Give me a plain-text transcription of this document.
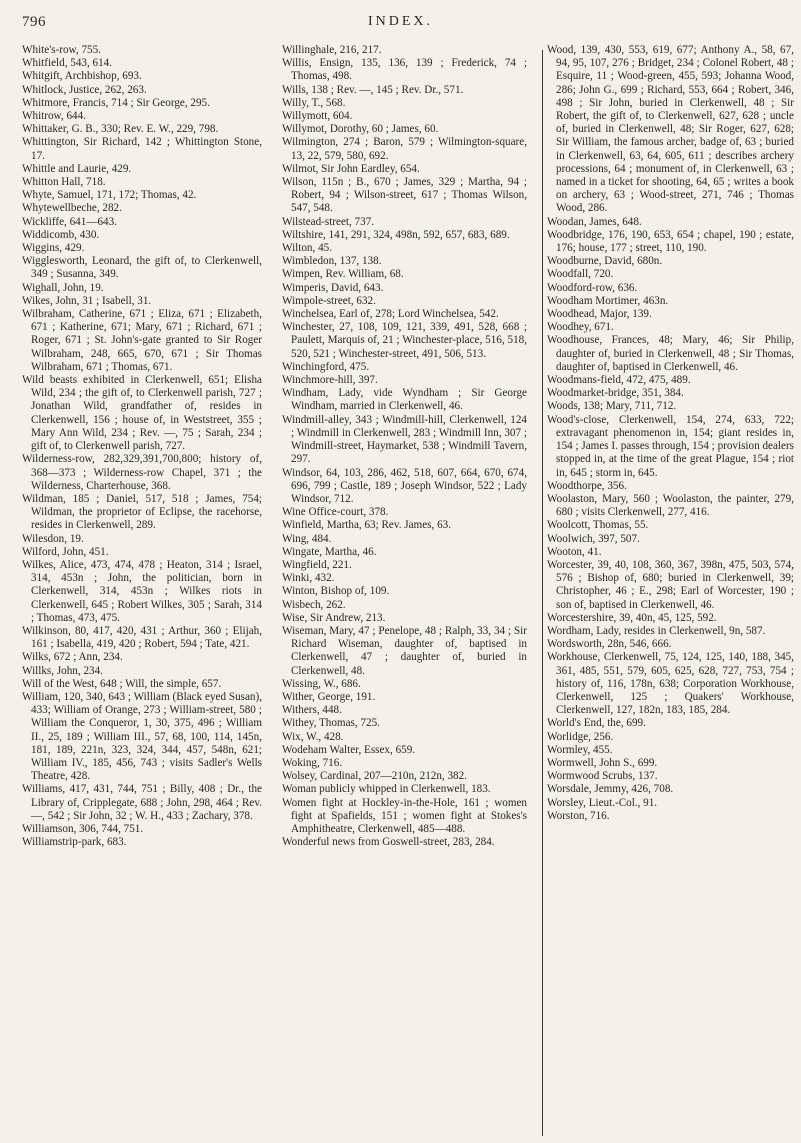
796	INDEX.

White's-row, 755.

Whitfield, 543, 614.

Whitgift, Archbishop, 693.

Whitlock, Justice, 262, 263.

Whitmore, Francis, 714 ; Sir George, 295.

Whitrow, 644.

Whittaker, G. B., 330; Rev. E. W., 229, 798.

Whittington, Sir Richard, 142 ; Whittington Stone, 17.

Whittle and Laurie, 429.

Whitton Hall, 718.

Whyte, Samuel, 171, 172; Thomas, 42.

Whytewellbeche, 282.

Wickliffe, 641—643.

Widdicomb, 430.

Wiggins, 429.

Wigglesworth, Leonard, the gift of, to Clerkenwell, 349 ; Susanna, 349.

Wighall, John, 19.

Wikes, John, 31 ; Isabell, 31.

Wilbraham, Catherine, 671 ; Eliza, 671 ; Elizabeth, 671 ; Katherine, 671; Mary, 671 ; Richard, 671 ; Roger, 671 ; St. John's-gate granted to Sir Roger Wilbraham, 248, 665, 670, 671 ; Sir Thomas Wilbraham, 671 ; Thomas, 671.

Wild beasts exhibited in Clerkenwell, 651; Elisha Wild, 234 ; the gift of, to Clerkenwell parish, 727 ; Jonathan Wild, grandfather of, resides in Clerkenwell, 156 ; house of, in Weststreet, 355 ; Mary Ann Wild, 234 ; Rev. —, 75 ; Sarah, 234 ; gift of, to Clerkenwell parish, 727.

Wilderness-row, 282,329,391,700,800; history of, 368—373 ; Wilderness-row Chapel, 371 ; the Wilderness, Charterhouse, 368.

Wildman, 185 ; Daniel, 517, 518 ; James, 754; Wildman, the proprietor of Eclipse, the racehorse, resides in Clerkenwell, 289.

Wilesdon, 19.

Wilford, John, 451.

Wilkes, Alice, 473, 474, 478 ; Heaton, 314 ; Israel, 314, 453n ; John, the politician, born in Clerkenwell, 314, 453n ; Wilkes riots in Clerkenwell, 645 ; Robert Wilkes, 305 ; Sarah, 314 ; Thomas, 473, 475.

Wilkinson, 80, 417, 420, 431 ; Arthur, 360 ; Elijah, 161 ; Isabella, 419, 420 ; Robert, 594 ; Tate, 421.

Wilks, 672 ; Ann, 234.

Willks, John, 234.

Will of the West, 648 ; Will, the simple, 657.

William, 120, 340, 643 ; William (Black eyed Susan), 433; William of Orange, 273 ; William-street, 580 ; William the Conqueror, 1, 30, 375, 496 ; William II., 25, 189 ; William III., 57, 68, 100, 114, 145n, 181, 189, 221n, 323, 324, 344, 457, 548n, 621; William IV., 185, 456, 743 ; visits Sadler's Wells Theatre, 428.

Williams, 417, 431, 744, 751 ; Billy, 408 ; Dr., the Library of, Cripplegate, 688 ; John, 298, 464 ; Rev. —, 542 ; Sir John, 32 ; W. H., 433 ; Zachary, 378.

Williamson, 306, 744, 751.

Williamstrip-park, 683.

Willinghale, 216, 217.

Willis, Ensign, 135, 136, 139 ; Frederick, 74 ; Thomas, 498.

Wills, 138 ; Rev. —, 145 ; Rev. Dr., 571.

Willy, T., 568.

Willymott, 604.

Willymot, Dorothy, 60 ; James, 60.

Wilmington, 274 ; Baron, 579 ; Wilmington-square, 13, 22, 579, 580, 692.

Wilmot, Sir John Eardley, 654.

Wilson, 115n ; B., 670 ; James, 329 ; Martha, 94 ; Robert, 94 ; Wilson-street, 617 ; Thomas Wilson, 547, 548.

Wilstead-street, 737.

Wiltshire, 141, 291, 324, 498n, 592, 657, 683, 689.

Wilton, 45.

Wimbledon, 137, 138.

Wimpen, Rev. William, 68.

Wimperis, David, 643.

Wimpole-street, 632.

Winchelsea, Earl of, 278; Lord Winchelsea, 542.

Winchester, 27, 108, 109, 121, 339, 491, 528, 668 ; Paulett, Marquis of, 21 ; Winchester-place, 516, 518, 520, 521 ; Winchester-street, 491, 506, 513.

Winchingford, 475.

Winchmore-hill, 397.

Windham, Lady, vide Wyndham ; Sir George Windham, married in Clerkenwell, 46.

Windmill-alley, 343 ; Windmill-hill, Clerkenwell, 124 ; Windmill in Clerkenwell, 283 ; Windmill Inn, 307 ; Windmill-street, Haymarket, 538 ; Windmill Tavern, 297.

Windsor, 64, 103, 286, 462, 518, 607, 664, 670, 674, 696, 799 ; Castle, 189 ; Joseph Windsor, 522 ; Lady Windsor, 712.

Wine Office-court, 378.

Winfield, Martha, 63; Rev. James, 63.

Wing, 484.

Wingate, Martha, 46.

Wingfield, 221.

Winki, 432.

Winton, Bishop of, 109.

Wisbech, 262.

Wise, Sir Andrew, 213.

Wiseman, Mary, 47 ; Penelope, 48 ; Ralph, 33, 34 ; Sir Richard Wiseman, daughter of, baptised in Clerkenwell, 47 ; daughter of, buried in Clerkenwell, 48.

Wissing, W., 686.

Wither, George, 191.

Withers, 448.

Withey, Thomas, 725.

Wix, W., 428.

Wodeham Walter, Essex, 659.

Woking, 716.

Wolsey, Cardinal, 207—210n, 212n, 382.

Woman publicly whipped in Clerkenwell, 183.

Women fight at Hockley-in-the-Hole, 161 ; women fight at Spafields, 151 ; women fight at Stokes's Amphitheatre, Clerkenwell, 485—488.

Wonderful news from Goswell-street, 283, 284.

Wood, 139, 430, 553, 619, 677; Anthony A., 58, 67, 94, 95, 107, 276 ; Bridget, 234 ; Colonel Robert, 48 ; Esquire, 11 ; Wood-green, 455, 593; Johanna Wood, 286; John G., 699 ; Richard, 553, 664 ; Robert, 346, 498 ; Sir John, buried in Clerkenwell, 48 ; Sir Robert, the gift of, to Clerkenwell, 627, 628 ; uncle of, buried in Clerkenwell, 48; Sir Roger, 627, 628; Sir William, the famous archer, badge of, 63 ; buried in Clerkenwell, 63, 64, 605, 611 ; describes archery processions, 64 ; monument of, in Clerkenwell, 63 ; named in a ticket for shooting, 64, 65 ; writes a book on archery, 63 ; Wood-street, 271, 746 ; Thomas Wood, 286.

Woodan, James, 648.

Woodbridge, 176, 190, 653, 654 ; chapel, 190 ; estate, 176; house, 177 ; street, 110, 190.

Woodburne, David, 680n.

Woodfall, 720.

Woodford-row, 636.

Woodham Mortimer, 463n.

Woodhead, Major, 139.

Woodhey, 671.

Woodhouse, Frances, 48; Mary, 46; Sir Philip, daughter of, buried in Clerkenwell, 48 ; Sir Thomas, daughter of, baptised in Clerkenwell, 46.

Woodmans-field, 472, 475, 489.

Woodmarket-bridge, 351, 384.

Woods, 138; Mary, 711, 712.

Wood's-close, Clerkenwell, 154, 274, 633, 722; extravagant phenomenon in, 154; giant resides in, 154 ; James I. passes through, 154 ; provision dealers stopped in, at the time of the great Plague, 154 ; riot in, 645 ; storm in, 645.

Woodthorpe, 356.

Woolaston, Mary, 560 ; Woolaston, the painter, 279, 680 ; visits Clerkenwell, 277, 416.

Woolcott, Thomas, 55.

Woolwich, 397, 507.

Wooton, 41.

Worcester, 39, 40, 108, 360, 367, 398n, 475, 503, 574, 576 ; Bishop of, 680; buried in Clerkenwell, 39; Christopher, 46 ; E., 298; Earl of Worcester, 190 ; son of, baptised in Clerkenwell, 46.

Worcestershire, 39, 40n, 45, 125, 592.

Wordham, Lady, resides in Clerkenwell, 9n, 587.

Wordsworth, 28n, 546, 666.

Workhouse, Clerkenwell, 75, 124, 125, 140, 188, 345, 361, 485, 551, 579, 605, 625, 628, 727, 753, 754 ; history of, 116, 178n, 638; Corporation Workhouse, Clerkenwell, 125 ; Quakers' Workhouse, Clerkenwell, 127, 182n, 183, 185, 284.

World's End, the, 699.

Worlidge, 256.

Wormley, 455.

Wormwell, John S., 699.

Wormwood Scrubs, 137.

Worsdale, Jemmy, 426, 708.

Worsley, Lieut.-Col., 91.

Worston, 716.
